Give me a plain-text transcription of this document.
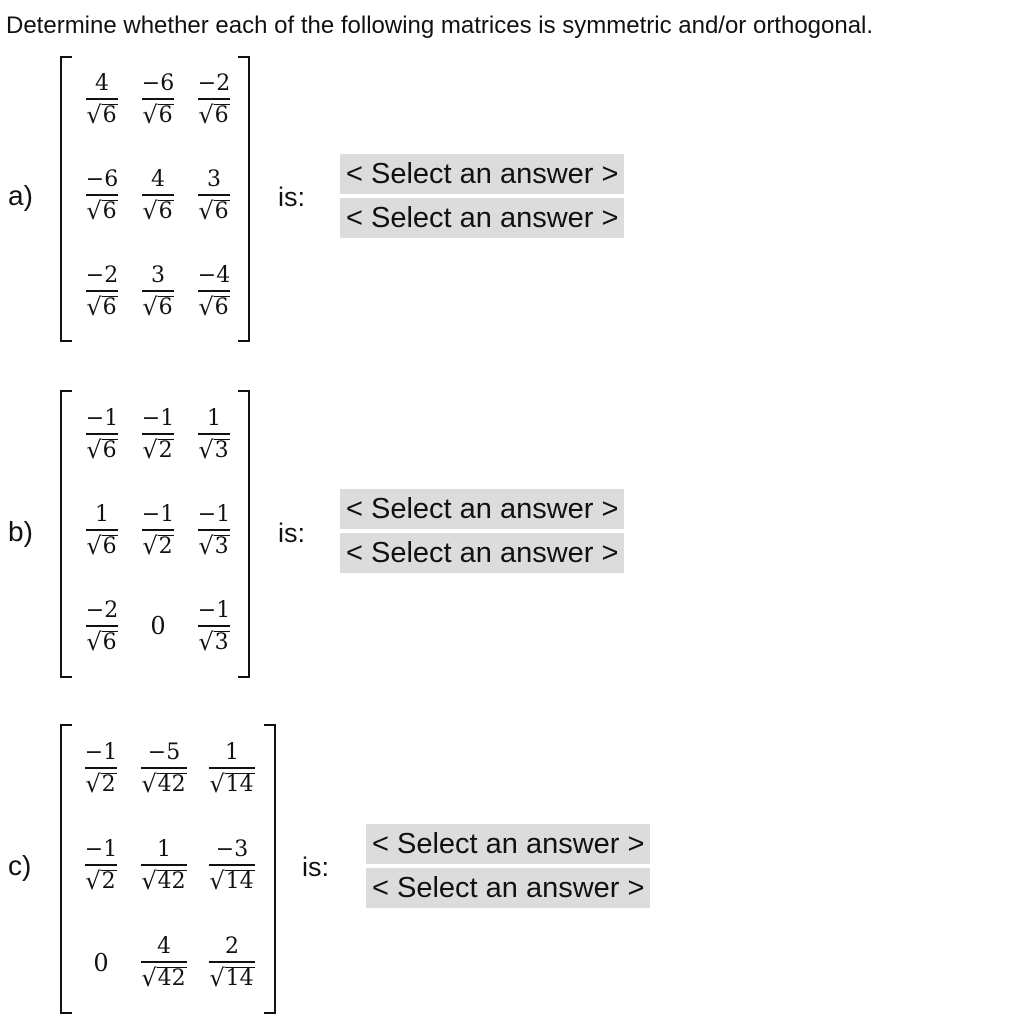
Determine whether each of the following matrices is symmetric and/or orthogonal.
a)
$\frac{4}{√ 6} \frac{-6}{√ 6} \frac{-2}{√ 6}$
$\frac{-6}{√ 6} \frac{4}{√ 6} \frac{3}{√ 6}$
$\frac{-2}{√ 6} \frac{3}{√ 6} \frac{-4}{√ 6}$
is:
< Select an answer >
< Select an answer >
b)
$\frac{-1}{√ 6} \frac{-1}{√ 2} \frac{1}{√ 3}$
$\frac{1}{√ 6} \frac{-1}{√ 2} \frac{-1}{√ 3}$
$\frac{-2}{√ 6} 0 \frac{-1}{√ 3}$
is:
< Select an answer >
< Select an answer >
c)
$\frac{-1}{√ 2} \frac{-5}{√ 42} \frac{1}{√ 14}$
$\frac{-1}{√ 2} \frac{1}{√ 42} \frac{-3}{√ 14}$
$0 \frac{4}{√ 42} \frac{2}{√ 14}$
is:
< Select an answer >
< Select an answer >
